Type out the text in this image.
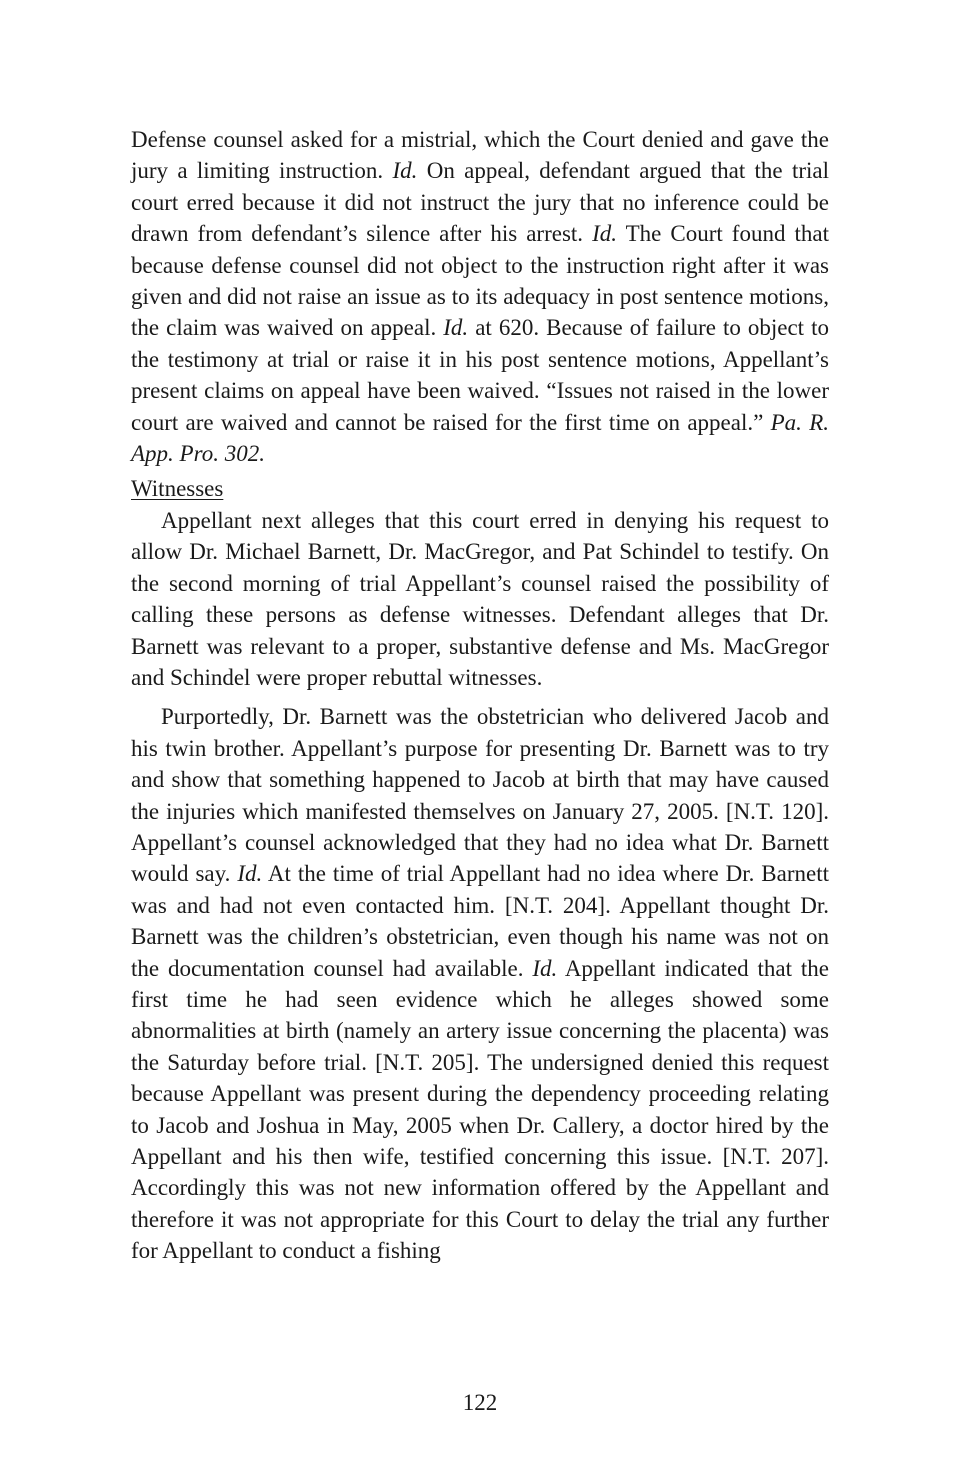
Defense counsel asked for a mistrial, which the Court denied and gave the jury a limiting instruction. Id. On appeal, defendant argued that the trial court erred because it did not instruct the jury that no inference could be drawn from defendant’s silence after his arrest. Id. The Court found that because defense counsel did not object to the instruction right after it was given and did not raise an issue as to its adequacy in post sentence motions, the claim was waived on appeal. Id. at 620. Because of failure to object to the testimony at trial or raise it in his post sentence motions, Appellant’s present claims on appeal have been waived. “Issues not raised in the lower court are waived and cannot be raised for the first time on appeal.” Pa. R. App. Pro. 302.

Witnesses

Appellant next alleges that this court erred in denying his request to allow Dr. Michael Barnett, Dr. MacGregor, and Pat Schindel to testify. On the second morning of trial Appellant’s counsel raised the possibility of calling these persons as defense witnesses. Defendant alleges that Dr. Barnett was relevant to a proper, substantive defense and Ms. MacGregor and Schindel were proper rebuttal witnesses.

Purportedly, Dr. Barnett was the obstetrician who delivered Jacob and his twin brother. Appellant’s purpose for presenting Dr. Barnett was to try and show that something happened to Jacob at birth that may have caused the injuries which manifested themselves on January 27, 2005. [N.T. 120]. Appellant’s counsel acknowledged that they had no idea what Dr. Barnett would say. Id. At the time of trial Appellant had no idea where Dr. Barnett was and had not even contacted him. [N.T. 204]. Appellant thought Dr. Barnett was the children’s obstetrician, even though his name was not on the documentation counsel had available. Id. Appellant indicated that the first time he had seen evidence which he alleges showed some abnormalities at birth (namely an artery issue concerning the placenta) was the Saturday before trial. [N.T. 205]. The undersigned denied this request because Appellant was present during the dependency proceeding relating to Jacob and Joshua in May, 2005 when Dr. Callery, a doctor hired by the Appellant and his then wife, testified concerning this issue. [N.T. 207]. Accordingly this was not new information offered by the Appellant and therefore it was not appropriate for this Court to delay the trial any further for Appellant to conduct a fishing

122
